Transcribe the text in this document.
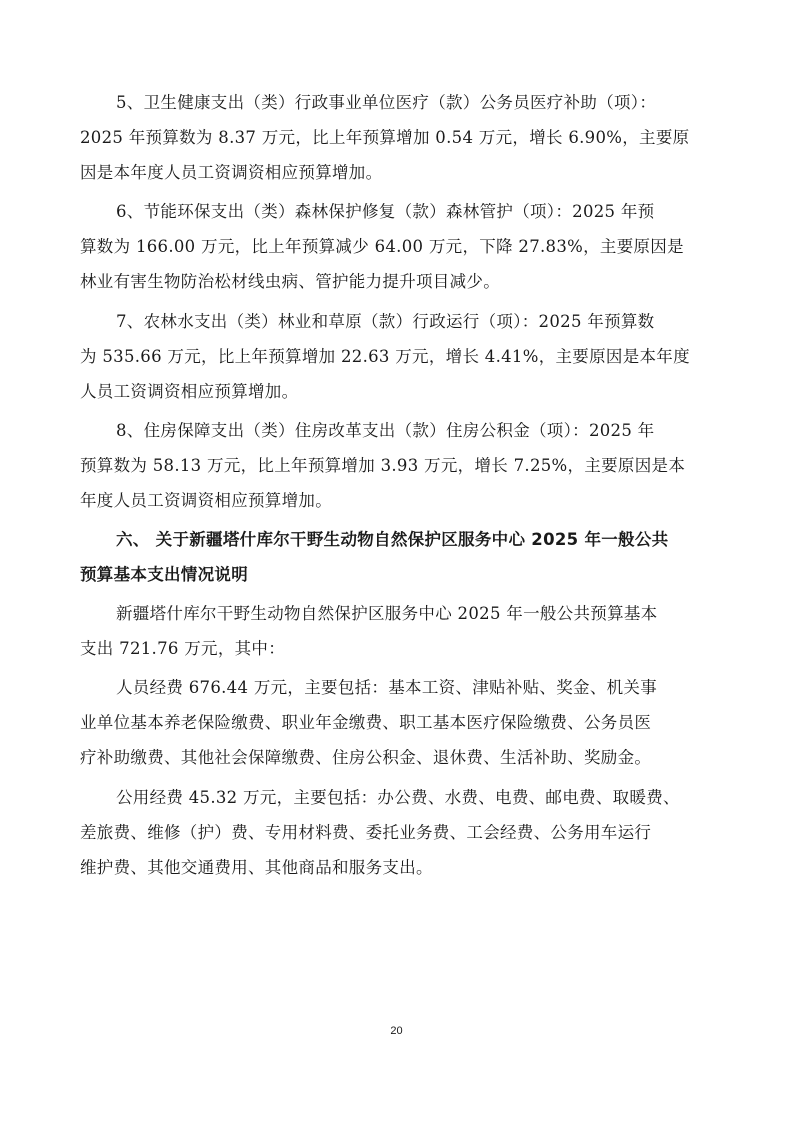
5、卫生健康支出（类）行政事业单位医疗（款）公务员医疗补助（项）：
2025 年预算数为 8.37 万元，比上年预算增加 0.54 万元，增长 6.90%，主要原
因是本年度人员工资调资相应预算增加。
6、节能环保支出（类）森林保护修复（款）森林管护（项）：2025 年预
算数为 166.00 万元，比上年预算减少 64.00 万元，下降 27.83%，主要原因是
林业有害生物防治松材线虫病、管护能力提升项目减少。
7、农林水支出（类）林业和草原（款）行政运行（项）：2025 年预算数
为 535.66 万元，比上年预算增加 22.63 万元，增长 4.41%，主要原因是本年度
人员工资调资相应预算增加。
8、住房保障支出（类）住房改革支出（款）住房公积金（项）：2025 年
预算数为 58.13 万元，比上年预算增加 3.93 万元，增长 7.25%，主要原因是本
年度人员工资调资相应预算增加。
六、 关于新疆塔什库尔干野生动物自然保护区服务中心 2025 年一般公共
预算基本支出情况说明
新疆塔什库尔干野生动物自然保护区服务中心 2025 年一般公共预算基本
支出 721.76 万元，其中：
人员经费 676.44 万元，主要包括：基本工资、津贴补贴、奖金、机关事
业单位基本养老保险缴费、职业年金缴费、职工基本医疗保险缴费、公务员医
疗补助缴费、其他社会保障缴费、住房公积金、退休费、生活补助、奖励金。
公用经费 45.32 万元，主要包括：办公费、水费、电费、邮电费、取暖费、
差旅费、维修（护）费、专用材料费、委托业务费、工会经费、公务用车运行
维护费、其他交通费用、其他商品和服务支出。
20
